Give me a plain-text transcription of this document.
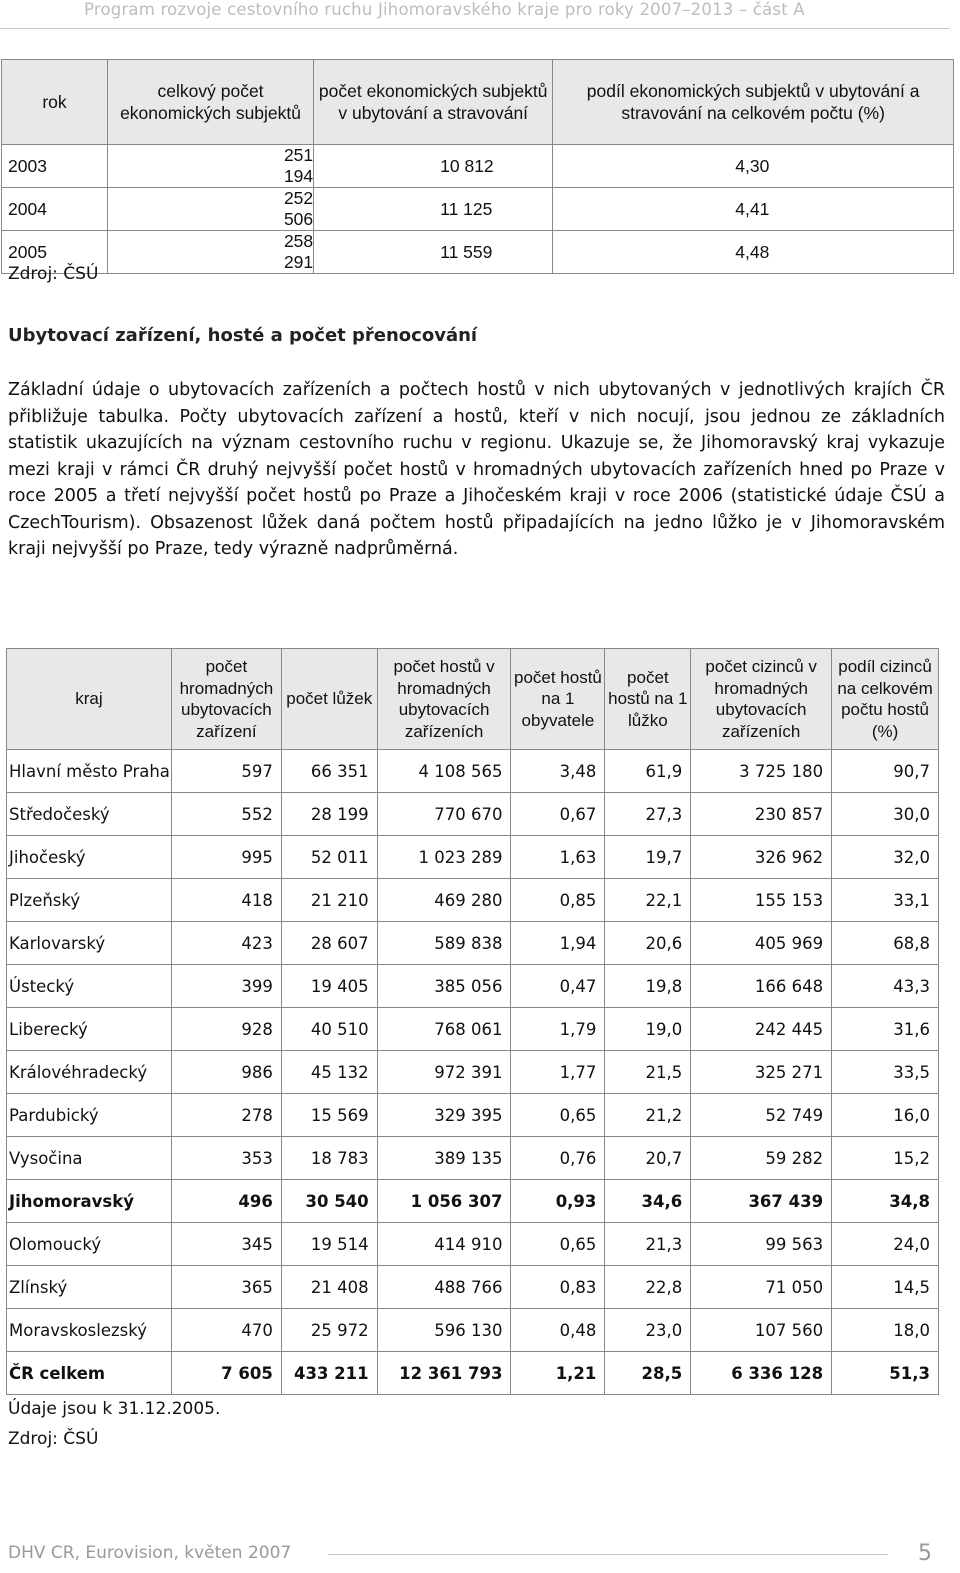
Program rozvoje cestovního ruchu Jihomoravského kraje pro roky 2007–2013 – část A
rok	celkový počet ekonomických subjektů	počet ekonomických subjektů v ubytování a stravování	podíl ekonomických subjektů v ubytování a stravování na celkovém počtu (%)
2003	251 194	10 812	4,30
2004	252 506	11 125	4,41
2005	258 291	11 559	4,48
Zdroj: ČSÚ
Ubytovací zařízení, hosté a počet přenocování
Základní údaje o ubytovacích zařízeních a počtech hostů v nich ubytovaných v jednotlivých krajích ČR přibližuje tabulka. Počty ubytovacích zařízení a hostů, kteří v nich nocují, jsou jednou ze základních statistik ukazujících na význam cestovního ruchu v regionu. Ukazuje se, že Jihomoravský kraj vykazuje mezi kraji v rámci ČR druhý nejvyšší počet hostů v hromadných ubytovacích zařízeních hned po Praze v roce 2005 a třetí nejvyšší počet hostů po Praze a Jihočeském kraji v roce 2006 (statistické údaje ČSÚ a CzechTourism). Obsazenost lůžek daná počtem hostů připadajících na jedno lůžko je v Jihomoravském kraji nejvyšší po Praze, tedy výrazně nadprůměrná.
kraj	počet hromadných ubytovacích zařízení	počet lůžek	počet hostů v hromadných ubytovacích zařízeních	počet hostů na 1 obyvatele	počet hostů na 1 lůžko	počet cizinců v hromadných ubytovacích zařízeních	podíl cizinců na celkovém počtu hostů (%)
Hlavní město Praha	597	66 351	4 108 565	3,48	61,9	3 725 180	90,7
Středočeský	552	28 199	770 670	0,67	27,3	230 857	30,0
Jihočeský	995	52 011	1 023 289	1,63	19,7	326 962	32,0
Plzeňský	418	21 210	469 280	0,85	22,1	155 153	33,1
Karlovarský	423	28 607	589 838	1,94	20,6	405 969	68,8
Ústecký	399	19 405	385 056	0,47	19,8	166 648	43,3
Liberecký	928	40 510	768 061	1,79	19,0	242 445	31,6
Královéhradecký	986	45 132	972 391	1,77	21,5	325 271	33,5
Pardubický	278	15 569	329 395	0,65	21,2	52 749	16,0
Vysočina	353	18 783	389 135	0,76	20,7	59 282	15,2
Jihomoravský	496	30 540	1 056 307	0,93	34,6	367 439	34,8
Olomoucký	345	19 514	414 910	0,65	21,3	99 563	24,0
Zlínský	365	21 408	488 766	0,83	22,8	71 050	14,5
Moravskoslezský	470	25 972	596 130	0,48	23,0	107 560	18,0
ČR celkem	7 605	433 211	12 361 793	1,21	28,5	6 336 128	51,3
Údaje jsou k 31.12.2005.
Zdroj: ČSÚ
DHV CR, Eurovision, květen 2007	5
